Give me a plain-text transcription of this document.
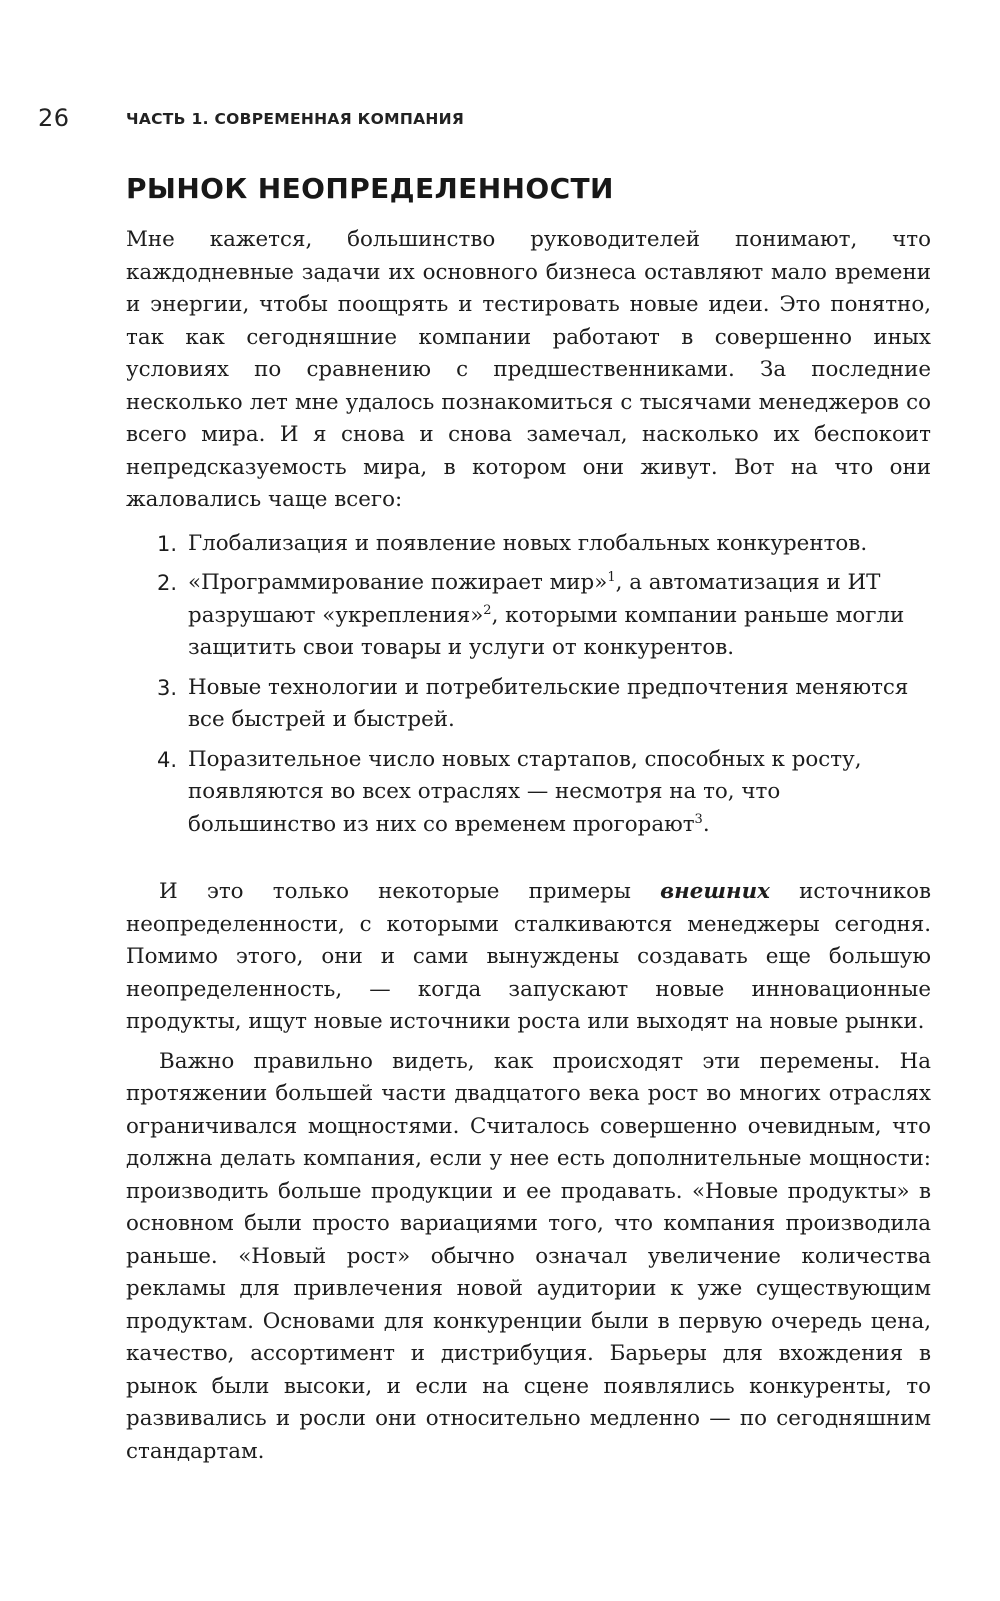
26	ЧАСТЬ 1. СОВРЕМЕННАЯ КОМПАНИЯ
РЫНОК НЕОПРЕДЕЛЕННОСТИ

Мне кажется, большинство руководителей понимают, что каждодневные задачи их основного бизнеса оставляют мало времени и энергии, чтобы поощрять и тестировать новые идеи. Это понятно, так как сегодняшние компании работают в совершенно иных условиях по сравнению с предшественниками. За последние несколько лет мне удалось познакомиться с тысячами менеджеров со всего мира. И я снова и снова замечал, насколько их беспокоит непредсказуемость мира, в котором они живут. Вот на что они жаловались чаще всего:

1. Глобализация и появление новых глобальных конкурентов.
2. «Программирование пожирает мир»$^1$, а автоматизация и ИТ разрушают «укрепления»$^2$, которыми компании раньше могли защитить свои товары и услуги от конкурентов.
3. Новые технологии и потребительские предпочтения меняются все быстрей и быстрей.
4. Поразительное число новых стартапов, способных к росту, появляются во всех отраслях — несмотря на то, что большинство из них со временем прогорают$^3$.

И это только некоторые примеры внешних источников неопределенности, с которыми сталкиваются менеджеры сегодня. Помимо этого, они и сами вынуждены создавать еще большую неопределенность, — когда запускают новые инновационные продукты, ищут новые источники роста или выходят на новые рынки.

Важно правильно видеть, как происходят эти перемены. На протяжении большей части двадцатого века рост во многих отраслях ограничивался мощностями. Считалось совершенно очевидным, что должна делать компания, если у нее есть дополнительные мощности: производить больше продукции и ее продавать. «Новые продукты» в основном были просто вариациями того, что компания производила раньше. «Новый рост» обычно означал увеличение количества рекламы для привлечения новой аудитории к уже существующим продуктам. Основами для конкуренции были в первую очередь цена, качество, ассортимент и дистрибуция. Барьеры для вхождения в рынок были высоки, и если на сцене появлялись конкуренты, то развивались и росли они относительно медленно — по сегодняшним стандартам.
